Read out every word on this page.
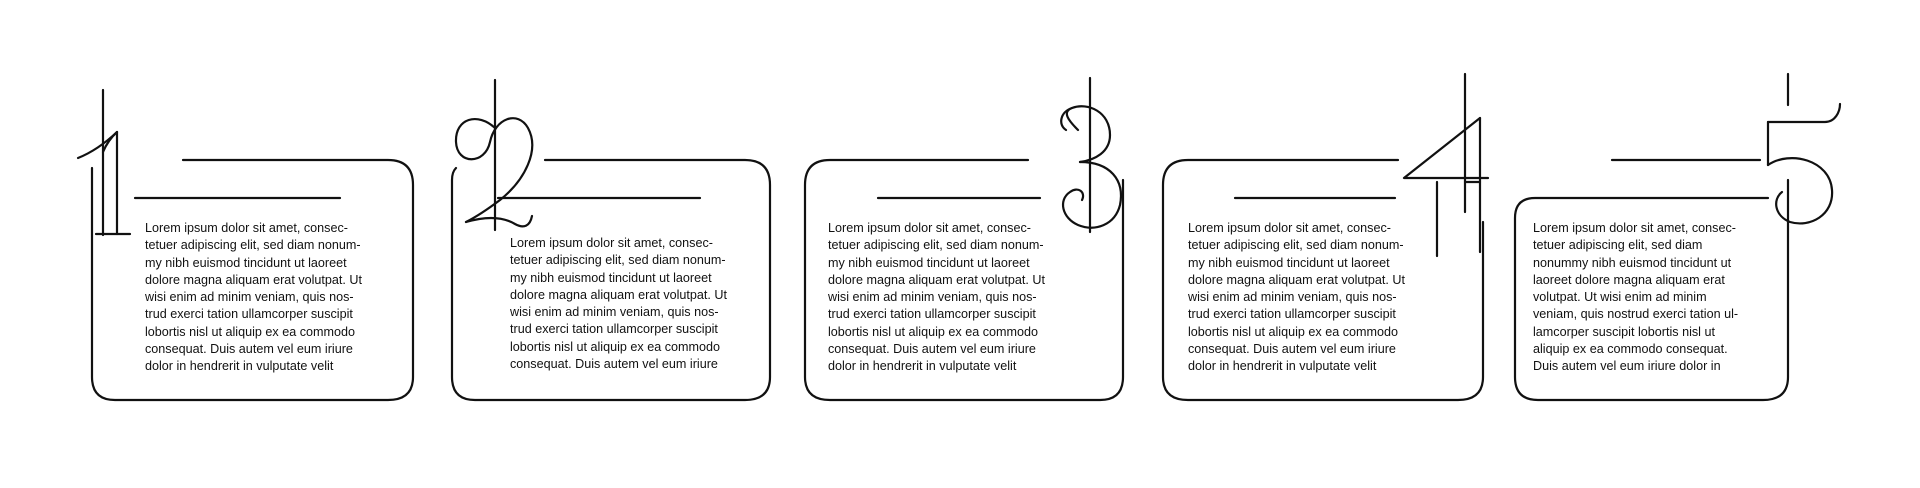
Lorem ipsum dolor sit amet, consec-
tetuer adipiscing elit, sed diam nonum-
my nibh euismod tincidunt ut laoreet
dolore magna aliquam erat volutpat. Ut
wisi enim ad minim veniam, quis nos-
trud exerci tation ullamcorper suscipit
lobortis nisl ut aliquip ex ea commodo
consequat. Duis autem vel eum iriure
dolor in hendrerit in vulputate velit

Lorem ipsum dolor sit amet, consec-
tetuer adipiscing elit, sed diam nonum-
my nibh euismod tincidunt ut laoreet
dolore magna aliquam erat volutpat. Ut
wisi enim ad minim veniam, quis nos-
trud exerci tation ullamcorper suscipit
lobortis nisl ut aliquip ex ea commodo
consequat. Duis autem vel eum iriure

Lorem ipsum dolor sit amet, consec-
tetuer adipiscing elit, sed diam nonum-
my nibh euismod tincidunt ut laoreet
dolore magna aliquam erat volutpat. Ut
wisi enim ad minim veniam, quis nos-
trud exerci tation ullamcorper suscipit
lobortis nisl ut aliquip ex ea commodo
consequat. Duis autem vel eum iriure
dolor in hendrerit in vulputate velit

Lorem ipsum dolor sit amet, consec-
tetuer adipiscing elit, sed diam nonum-
my nibh euismod tincidunt ut laoreet
dolore magna aliquam erat volutpat. Ut
wisi enim ad minim veniam, quis nos-
trud exerci tation ullamcorper suscipit
lobortis nisl ut aliquip ex ea commodo
consequat. Duis autem vel eum iriure
dolor in hendrerit in vulputate velit

Lorem ipsum dolor sit amet, consec-
tetuer adipiscing elit, sed diam
nonummy nibh euismod tincidunt ut
laoreet dolore magna aliquam erat
volutpat. Ut wisi enim ad minim
veniam, quis nostrud exerci tation ul-
lamcorper suscipit lobortis nisl ut
aliquip ex ea commodo consequat.
Duis autem vel eum iriure dolor in
